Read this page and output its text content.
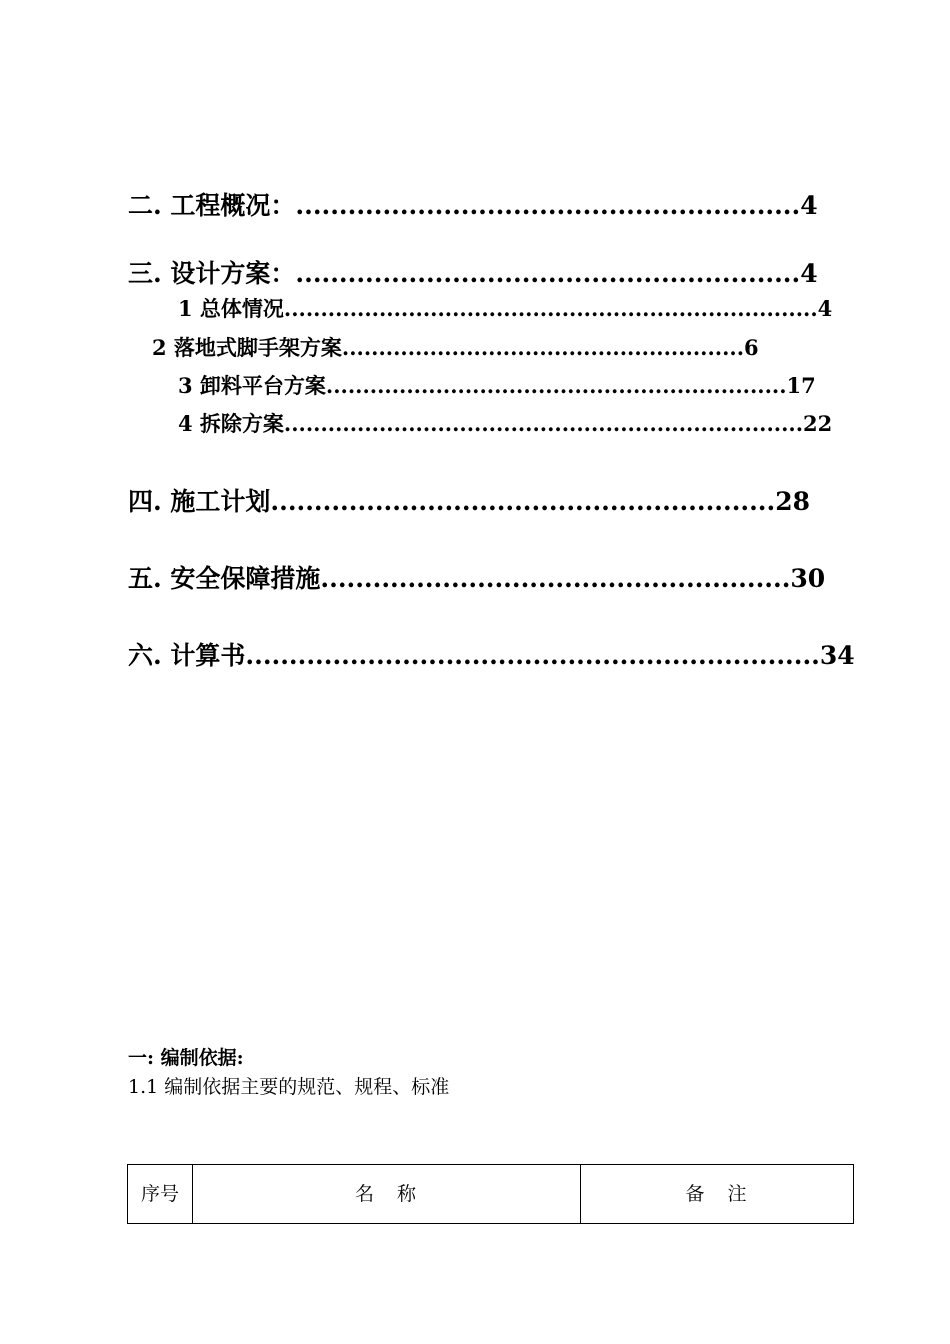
二. 工程概况：..........................................................4
三. 设计方案：..........................................................4
1 总体情况.........................................................................4
2 落地式脚手架方案.......................................................6
3 卸料平台方案...............................................................17
4 拆除方案.......................................................................22
四. 施工计划..........................................................28
五. 安全保障措施......................................................30
六. 计算书..................................................................34
一: 编制依据:
1.1 编制依据主要的规范、规程、标准
序号	名　称	备　注
